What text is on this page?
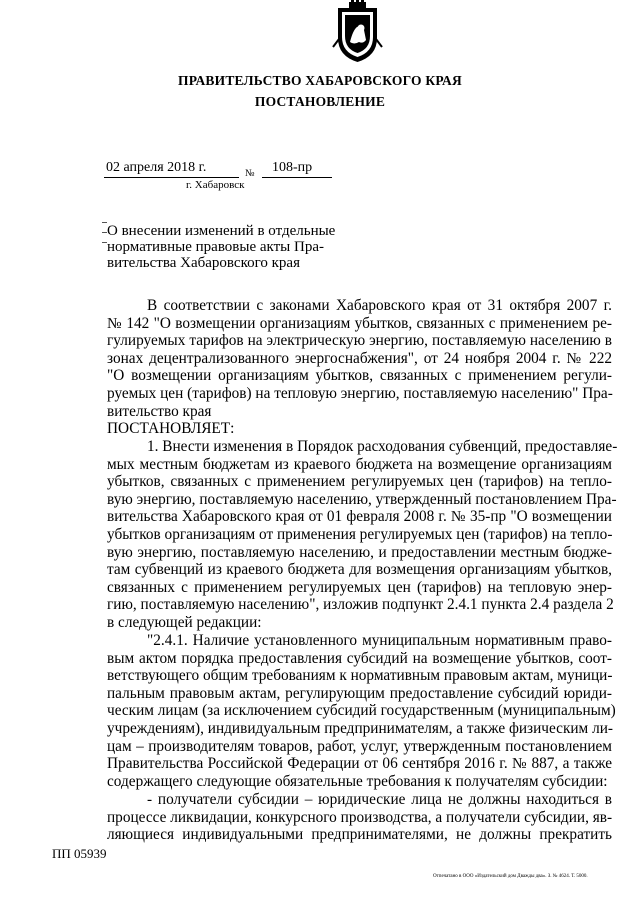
ПРАВИТЕЛЬСТВО ХАБАРОВСКОГО КРАЯ
ПОСТАНОВЛЕНИЕ
02 апреля 2018 г.	№ 108-пр
г. Хабаровск
О внесении изменений в отдельные
нормативные правовые акты Пра-
вительства Хабаровского края
В соответствии с законами Хабаровского края от 31 октября 2007 г.
№ 142 "О возмещении организациям убытков, связанных с применением ре-
гулируемых тарифов на электрическую энергию, поставляемую населению в
зонах децентрализованного энергоснабжения", от 24 ноября 2004 г. № 222
"О возмещении организациям убытков, связанных с применением регули-
руемых цен (тарифов) на тепловую энергию, поставляемую населению" Пра-
вительство края
ПОСТАНОВЛЯЕТ:
1. Внести изменения в Порядок расходования субвенций, предоставляе-
мых местным бюджетам из краевого бюджета на возмещение организациям
убытков, связанных с применением регулируемых цен (тарифов) на тепло-
вую энергию, поставляемую населению, утвержденный постановлением Пра-
вительства Хабаровского края от 01 февраля 2008 г. № 35-пр "О возмещении
убытков организациям от применения регулируемых цен (тарифов) на тепло-
вую энергию, поставляемую населению, и предоставлении местным бюдже-
там субвенций из краевого бюджета для возмещения организациям убытков,
связанных с применением регулируемых цен (тарифов) на тепловую энер-
гию, поставляемую населению", изложив подпункт 2.4.1 пункта 2.4 раздела 2
в следующей редакции:
"2.4.1. Наличие установленного муниципальным нормативным право-
вым актом порядка предоставления субсидий на возмещение убытков, соот-
ветствующего общим требованиям к нормативным правовым актам, муници-
пальным правовым актам, регулирующим предоставление субсидий юриди-
ческим лицам (за исключением субсидий государственным (муниципальным)
учреждениям), индивидуальным предпринимателям, а также физическим ли-
цам – производителям товаров, работ, услуг, утвержденным постановлением
Правительства Российской Федерации от 06 сентября 2016 г. № 887, а также
содержащего следующие обязательные требования к получателям субсидии:
- получатели субсидии – юридические лица не должны находиться в
процессе ликвидации, конкурсного производства, а получатели субсидии, яв-
ляющиеся индивидуальными предпринимателями, не должны прекратить
ПП 05939
Отпечатано в ООО «Издательский дом Дважды два». З. № 4624. Т. 5000.
